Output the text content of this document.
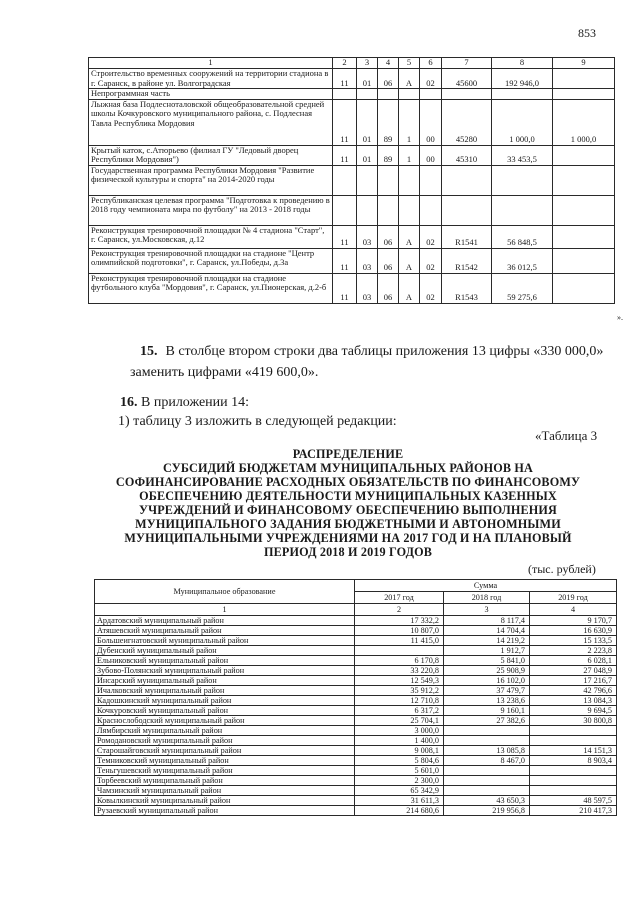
853
1	2	3	4	5	6	7	8	9
Строительство временных сооружений на территории стадиона в г. Саранск, в районе ул. Волгоградская	11	01	06	А	02	45600	192 946,0	
Непрограммная часть								
Лыжная база Подлесноталовской общеобразовательной средней школы Кочкуровского муниципального района, с. Подлесная Тавла Республика Мордовия	11	01	89	1	00	45280	1 000,0	1 000,0
Крытый каток, с.Атюрьево (филиал ГУ "Ледовый дворец Республики Мордовия")	11	01	89	1	00	45310	33 453,5	
Государственная программа Республики Мордовия "Развитие физической культуры и спорта" на 2014-2020 годы								
Республиканская целевая программа "Подготовка к проведению в 2018 году чемпионата мира по футболу" на 2013 - 2018 годы								
Реконструкция тренировочной площадки № 4 стадиона "Старт", г. Саранск, ул.Московская, д.12	11	03	06	А	02	R1541	56 848,5	
Реконструкция тренировочной площадки на стадионе "Центр олимпийской подготовки", г. Саранск, ул.Победы, д.3а	11	03	06	А	02	R1542	36 012,5	
Реконструкция тренировочной площадки на стадионе футбольного клуба "Мордовия", г. Саранск, ул.Пионерская, д.2-б	11	03	06	А	02	R1543	59 275,6	
».
15. В столбце втором строки два таблицы приложения 13 цифры «330 000,0» заменить цифрами «419 600,0».
16. В приложении 14:
1) таблицу 3 изложить в следующей редакции:
«Таблица 3
РАСПРЕДЕЛЕНИЕ
СУБСИДИЙ БЮДЖЕТАМ МУНИЦИПАЛЬНЫХ РАЙОНОВ НА
СОФИНАНСИРОВАНИЕ РАСХОДНЫХ ОБЯЗАТЕЛЬСТВ ПО ФИНАНСОВОМУ
ОБЕСПЕЧЕНИЮ ДЕЯТЕЛЬНОСТИ МУНИЦИПАЛЬНЫХ КАЗЕННЫХ
УЧРЕЖДЕНИЙ И ФИНАНСОВОМУ ОБЕСПЕЧЕНИЮ ВЫПОЛНЕНИЯ
МУНИЦИПАЛЬНОГО ЗАДАНИЯ БЮДЖЕТНЫМИ И АВТОНОМНЫМИ
МУНИЦИПАЛЬНЫМИ УЧРЕЖДЕНИЯМИ НА 2017 ГОД И НА ПЛАНОВЫЙ
ПЕРИОД 2018 И 2019 ГОДОВ
(тыс. рублей)
Муниципальное образование	Сумма		
	2017 год	2018 год	2019 год
1	2	3	4
Ардатовский муниципальный район	17 332,2	8 117,4	9 170,7
Атяшевский муниципальный район	10 807,0	14 704,4	16 630,9
Большеигнатовский муниципальный район	11 415,0	14 219,2	15 133,5
Дубенский муниципальный район		1 912,7	2 223,8
Ельниковский муниципальный район	6 170,8	5 841,0	6 028,1
Зубово-Полянский муниципальный район	33 220,8	25 908,9	27 048,9
Инсарский муниципальный район	12 549,3	16 102,0	17 216,7
Ичалковский муниципальный район	35 912,2	37 479,7	42 796,6
Кадошкинский муниципальный район	12 710,8	13 238,6	13 084,3
Кочкуровский муниципальный район	6 317,2	9 160,1	9 694,5
Краснослободский муниципальный район	25 704,1	27 382,6	30 800,8
Лямбирский муниципальный район	3 000,0		
Ромодановский муниципальный район	1 400,0		
Старошайговский муниципальный район	9 008,1	13 085,8	14 151,3
Темниковский муниципальный район	5 804,6	8 467,0	8 903,4
Теньгушевский муниципальный район	5 601,0		
Торбеевский муниципальный район	2 300,0		
Чамзинский муниципальный район	65 342,9		
Ковылкинский муниципальный район	31 611,3	43 650,3	48 597,5
Рузаевский муниципальный район	214 680,6	219 956,8	210 417,3
